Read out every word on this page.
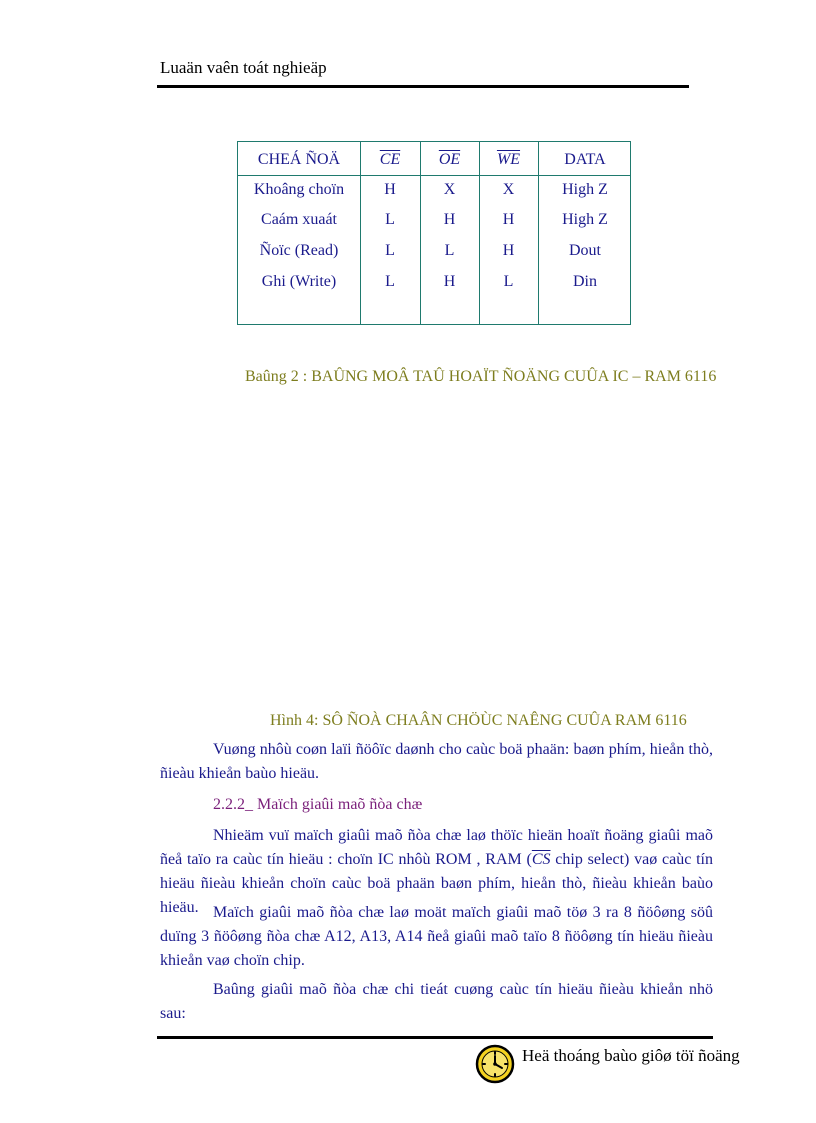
Luaän vaên toát nghieäp
CHEÁ ÑOÄ	$\overline{CE}$	$\overline{OE}$	$\overline{WE}$	DATA
Khoâng choïn	H	X	X	High Z
Caám xuaát	L	H	H	High Z
Ñoïc (Read)	L	L	H	Dout
Ghi (Write)	L	H	L	Din
Baûng 2 : BAÛNG MOÂ TAÛ HOAÏT ÑOÄNG CUÛA IC – RAM 6116
Hình 4: SÔ ÑOÀ CHAÂN CHÖÙC NAÊNG CUÛA RAM 6116
Vuøng nhôù coøn laïi ñöôïc daønh cho caùc boä phaän: baøn phím, hieån thò, ñieàu khieån baùo hieäu.
2.2.2_ Maïch giaûi maõ ñòa chæ
Nhieäm vuï maïch giaûi maõ ñòa chæ laø thöïc hieän hoaït ñoäng giaûi maõ ñeå taïo ra caùc tín hieäu : choïn IC nhôù ROM , RAM ($\overline{CS}$ chip select) vaø caùc tín hieäu ñieàu khieån choïn caùc boä phaän baøn phím, hieån thò, ñieàu khieån baùo hieäu. Maïch giaûi maõ ñòa chæ laø moät maïch giaûi maõ töø 3 ra 8 ñöôøng söû duïng 3 ñöôøng ñòa chæ A12, A13, A14 ñeå giaûi maõ taïo 8 ñöôøng tín hieäu ñieàu khieån vaø choïn chip.
Baûng giaûi maõ ñòa chæ chi tieát cuøng caùc tín hieäu ñieàu khieån nhö sau:
Heä thoáng baùo giôø töï ñoäng
